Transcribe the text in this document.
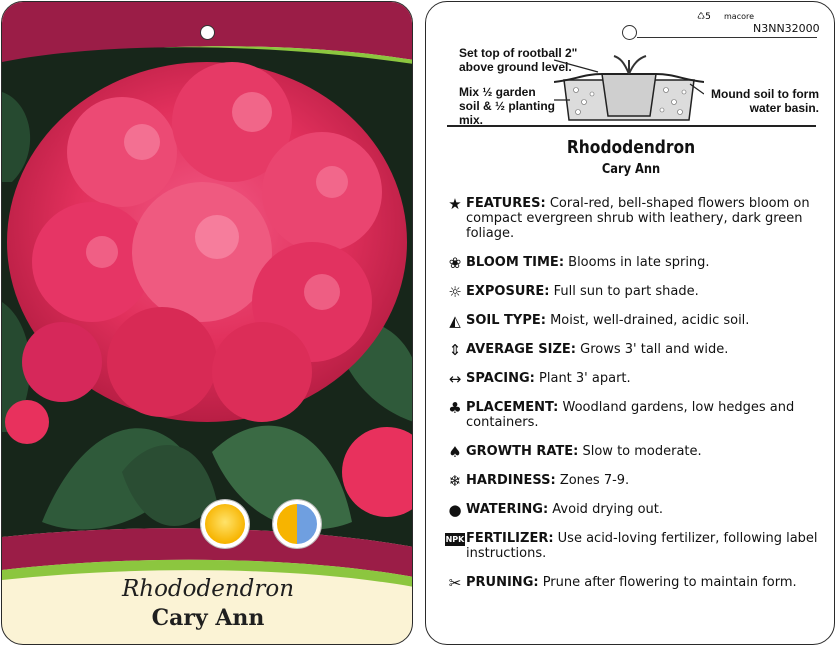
Rhododendron
Cary Ann
♺5 macore
N3NN32000
Set top of rootball 2" above ground level.
Mix ½ garden soil & ½ planting mix.
Mound soil to form water basin.
Rhododendron
Cary Ann
★ FEATURES: Coral-red, bell-shaped flowers bloom on compact evergreen shrub with leathery, dark green foliage.
❀ BLOOM TIME: Blooms in late spring.
☼ EXPOSURE: Full sun to part shade.
◭ SOIL TYPE: Moist, well-drained, acidic soil.
⇕ AVERAGE SIZE: Grows 3' tall and wide.
↔ SPACING: Plant 3' apart.
♣ PLACEMENT: Woodland gardens, low hedges and containers.
♠ GROWTH RATE: Slow to moderate.
❄ HARDINESS: Zones 7-9.
● WATERING: Avoid drying out.
NPK FERTILIZER: Use acid-loving fertilizer, following label instructions.
✂ PRUNING: Prune after flowering to maintain form.
